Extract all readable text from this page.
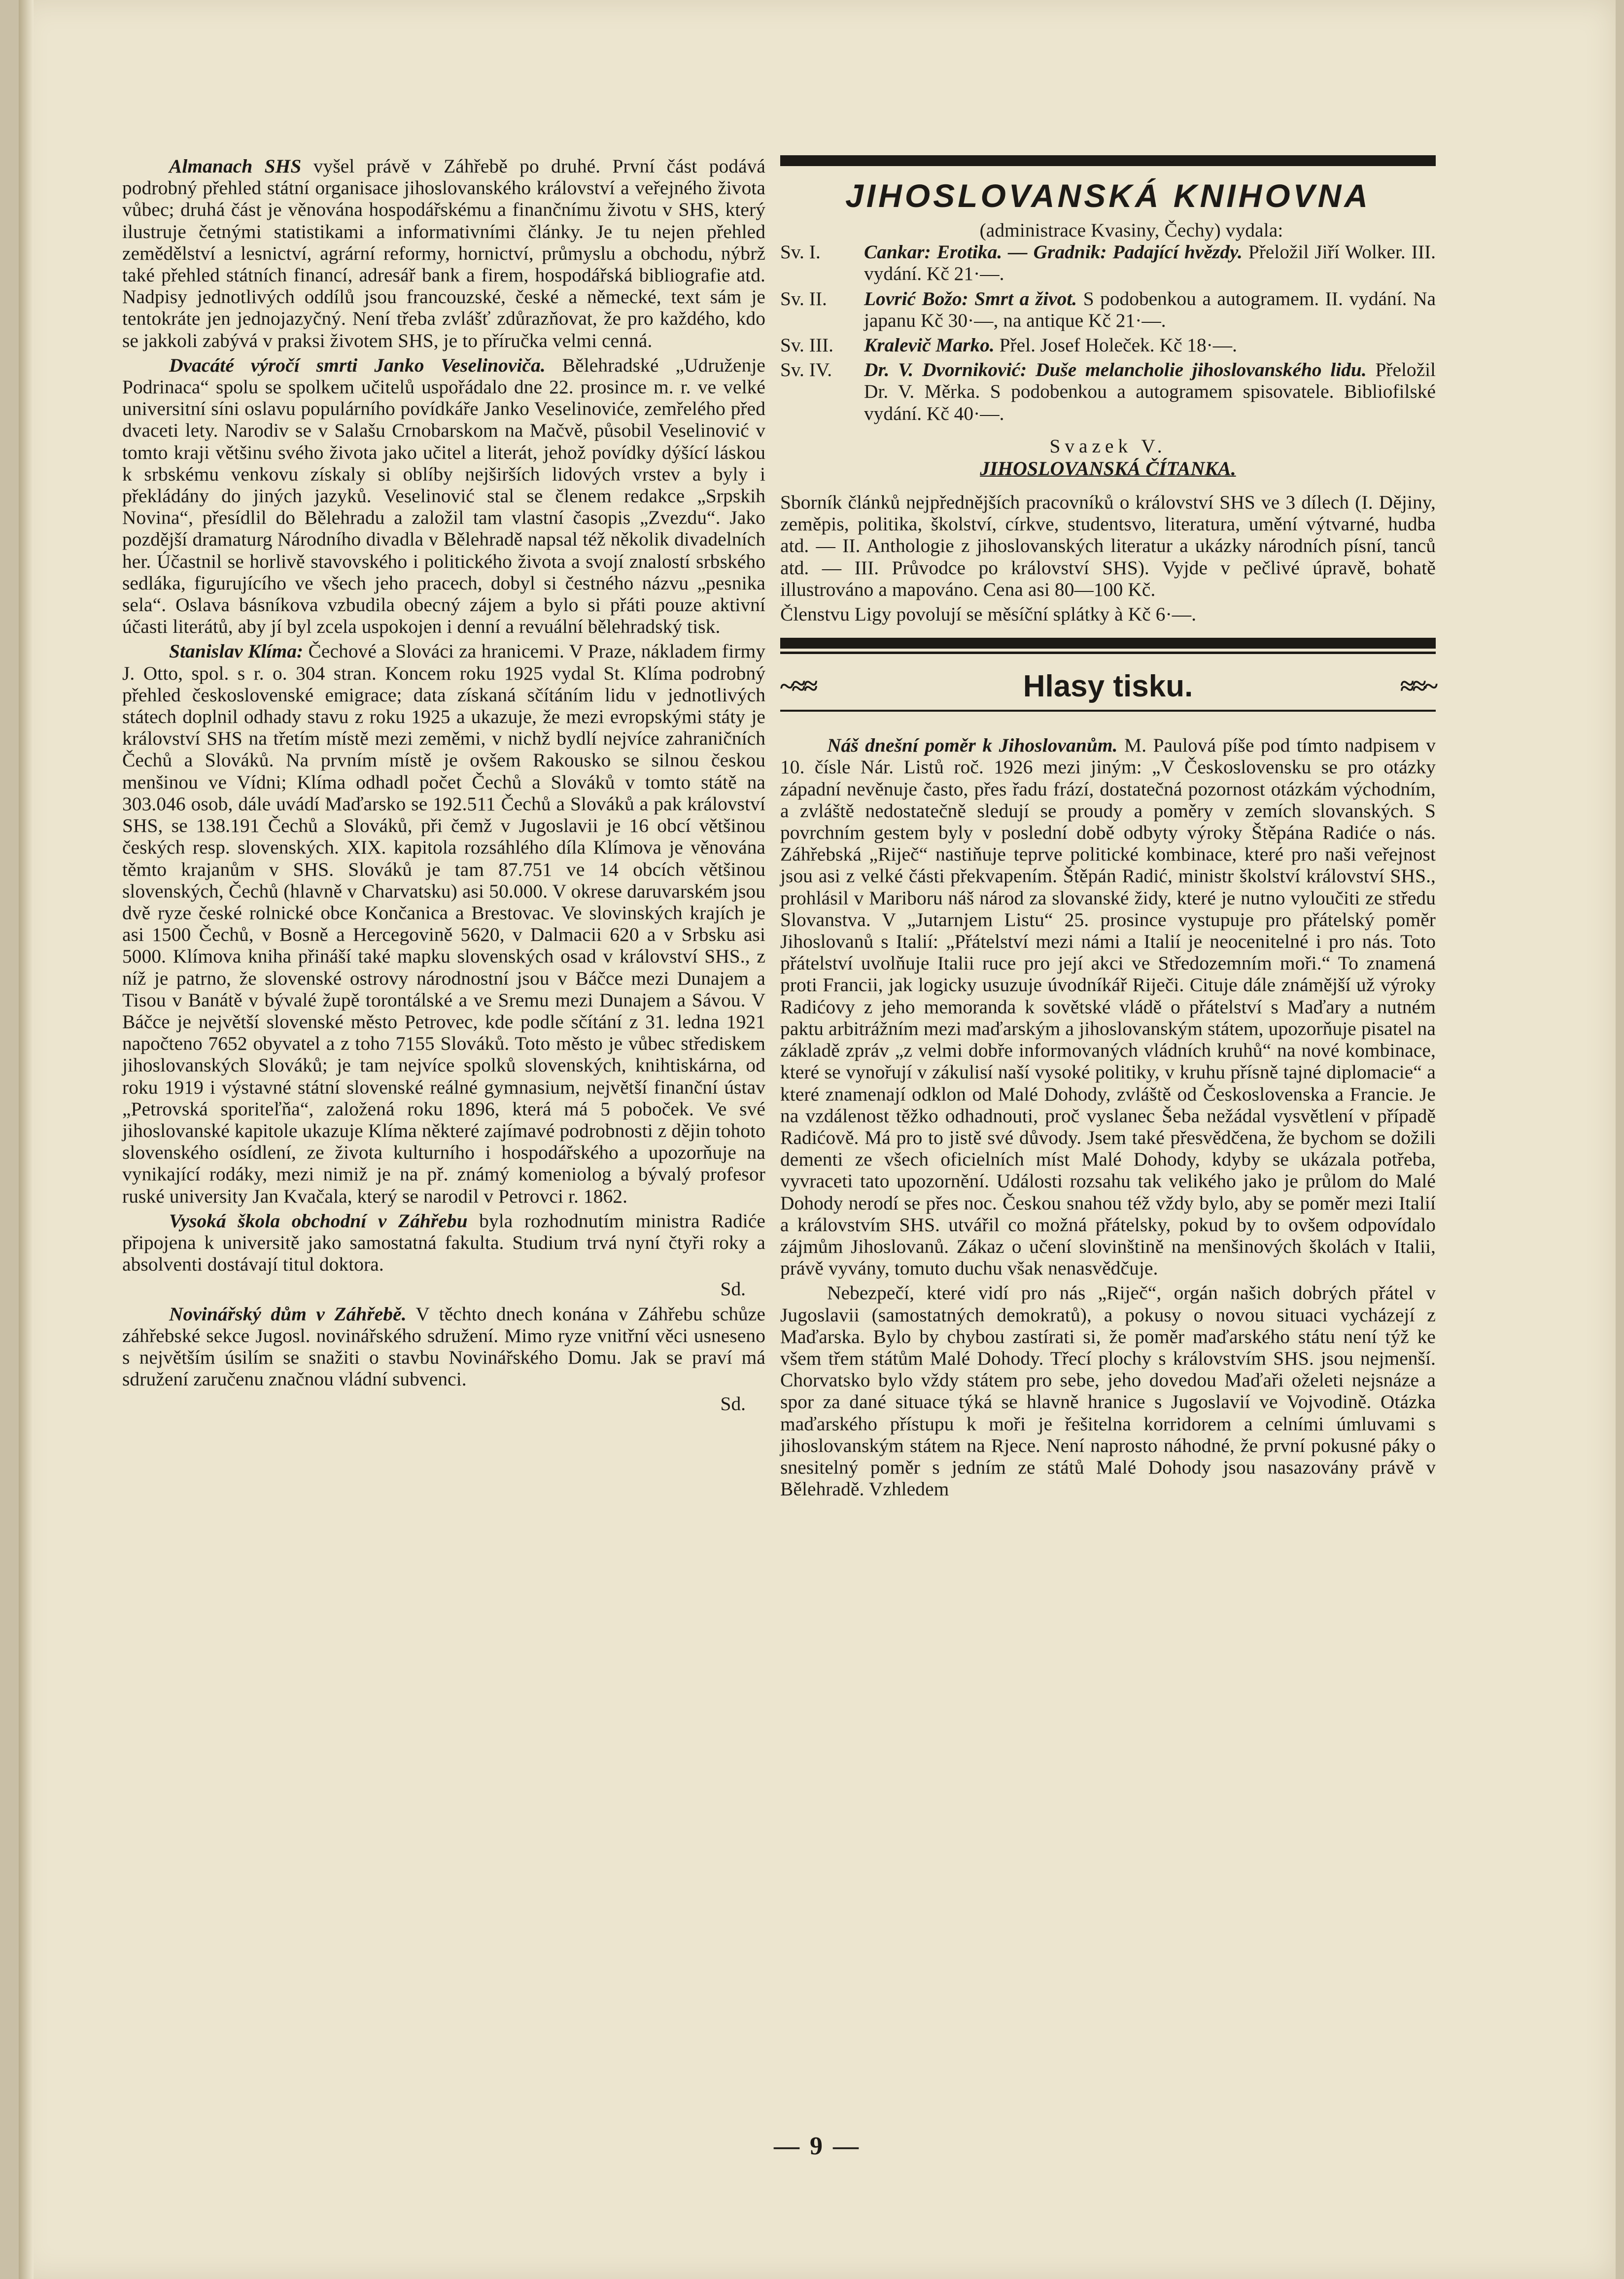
Almanach SHS vyšel právě v Záhřebě po druhé. První část podává podrobný přehled státní organisace jihoslovanského království a veřejného života vůbec; druhá část je věnována hospodářskému a finančnímu životu v SHS, který ilustruje četnými statistikami a informativními články. Je tu nejen přehled zemědělství a lesnictví, agrární reformy, hornictví, průmyslu a obchodu, nýbrž také přehled státních financí, adresář bank a firem, hospodářská bibliografie atd. Nadpisy jednotlivých oddílů jsou francouzské, české a německé, text sám je tentokráte jen jednojazyčný. Není třeba zvlášť zdůrazňovat, že pro každého, kdo se jakkoli zabývá v praksi životem SHS, je to příručka velmi cenná.

Dvacáté výročí smrti Janko Veselinoviča. Bělehradské „Udruženje Podrinaca“ spolu se spolkem učitelů uspořádalo dne 22. prosince m. r. ve velké universitní síni oslavu populárního povídkáře Janko Veselinoviće, zemřelého před dvaceti lety. Narodiv se v Salašu Crnobarskom na Mačvě, působil Veselinović v tomto kraji většinu svého života jako učitel a literát, jehož povídky dýšící láskou k srbskému venkovu získaly si oblíby nejširších lidových vrstev a byly i překládány do jiných jazyků. Veselinović stal se členem redakce „Srpskih Novina“, přesídlil do Bělehradu a založil tam vlastní časopis „Zvezdu“. Jako pozdější dramaturg Národního divadla v Bělehradě napsal též několik divadelních her. Účastnil se horlivě stavovského i politického života a svojí znalostí srbského sedláka, figurujícího ve všech jeho pracech, dobyl si čestného názvu „pesnika sela“. Oslava básníkova vzbudila obecný zájem a bylo si přáti pouze aktivní účasti literátů, aby jí byl zcela uspokojen i denní a revuální bělehradský tisk.

Stanislav Klíma: Čechové a Slováci za hranicemi. V Praze, nákladem firmy J. Otto, spol. s r. o. 304 stran. Koncem roku 1925 vydal St. Klíma podrobný přehled československé emigrace; data získaná sčítáním lidu v jednotlivých státech doplnil odhady stavu z roku 1925 a ukazuje, že mezi evropskými státy je království SHS na třetím místě mezi zeměmi, v nichž bydlí nejvíce zahraničních Čechů a Slováků. Na prvním místě je ovšem Rakousko se silnou českou menšinou ve Vídni; Klíma odhadl počet Čechů a Slováků v tomto státě na 303.046 osob, dále uvádí Maďarsko se 192.511 Čechů a Slováků a pak království SHS, se 138.191 Čechů a Slováků, při čemž v Jugoslavii je 16 obcí většinou českých resp. slovenských. XIX. kapitola rozsáhlého díla Klímova je věnována těmto krajanům v SHS. Slováků je tam 87.751 ve 14 obcích většinou slovenských, Čechů (hlavně v Charvatsku) asi 50.000. V okrese daruvarském jsou dvě ryze české rolnické obce Končanica a Brestovac. Ve slovinských krajích je asi 1500 Čechů, v Bosně a Hercegovině 5620, v Dalmacii 620 a v Srbsku asi 5000. Klímova kniha přináší také mapku slovenských osad v království SHS., z níž je patrno, že slovenské ostrovy národnostní jsou v Báčce mezi Dunajem a Tisou v Banátě v bývalé župě torontálské a ve Sremu mezi Dunajem a Sávou. V Báčce je největší slovenské město Petrovec, kde podle sčítání z 31. ledna 1921 napočteno 7652 obyvatel a z toho 7155 Slováků. Toto město je vůbec střediskem jihoslovanských Slováků; je tam nejvíce spolků slovenských, knihtiskárna, od roku 1919 i výstavné státní slovenské reálné gymnasium, největší finanční ústav „Petrovská sporiteľňa“, založená roku 1896, která má 5 poboček. Ve své jihoslovanské kapitole ukazuje Klíma některé zajímavé podrobnosti z dějin tohoto slovenského osídlení, ze života kulturního i hospodářského a upozorňuje na vynikající rodáky, mezi nimiž je na př. známý komeniolog a bývalý profesor ruské university Jan Kvačala, který se narodil v Petrovci r. 1862.

Vysoká škola obchodní v Záhřebu byla rozhodnutím ministra Radiće připojena k universitě jako samostatná fakulta. Studium trvá nyní čtyři roky a absolventi dostávají titul doktora.

Sd.

Novinářský dům v Záhřebě. V těchto dnech konána v Záhřebu schůze záhřebské sekce Jugosl. novinářského sdružení. Mimo ryze vnitřní věci usneseno s největším úsilím se snažiti o stavbu Novinářského Domu. Jak se praví má sdružení zaručenu značnou vládní subvenci.

Sd.
JIHOSLOVANSKÁ KNIHOVNA

(administrace Kvasiny, Čechy) vydala:

Sv. I.	Cankar: Erotika. — Gradnik: Padající hvězdy. Přeložil Jiří Wolker. III. vydání. Kč 21·—.
Sv. II.	Lovrić Božo: Smrt a život. S podobenkou a autogramem. II. vydání. Na japanu Kč 30·—, na antique Kč 21·—.
Sv. III.	Kralevič Marko. Přel. Josef Holeček. Kč 18·—.
Sv. IV.	Dr. V. Dvorniković: Duše melancholie jihoslovanského lidu. Přeložil Dr. V. Měrka. S podobenkou a autogramem spisovatele. Bibliofilské vydání. Kč 40·—.
Svazek V.
JIHOSLOVANSKÁ ČÍTANKA.

Sborník článků nejpřednějších pracovníků o království SHS ve 3 dílech (I. Dějiny, zeměpis, politika, školství, církve, studentsvo, literatura, umění výtvarné, hudba atd. — II. Anthologie z jihoslovanských literatur a ukázky národních písní, tanců atd. — III. Průvodce po království SHS). Vyjde v pečlivé úpravě, bohatě illustrováno a mapováno. Cena asi 80—100 Kč.

Členstvu Ligy povolují se měsíční splátky à Kč 6·—.

~≈≈	Hlasy tisku.	≈≈~

Náš dnešní poměr k Jihoslovanům. M. Paulová píše pod tímto nadpisem v 10. čísle Nár. Listů roč. 1926 mezi jiným: „V Československu se pro otázky západní nevěnuje často, přes řadu frází, dostatečná pozornost otázkám východním, a zvláště nedostatečně sledují se proudy a poměry v zemích slovanských. S povrchním gestem byly v poslední době odbyty výroky Štěpána Radiće o nás. Záhřebská „Riječ“ nastiňuje teprve politické kombinace, které pro naši veřejnost jsou asi z velké části překvapením. Štěpán Radić, ministr školství království SHS., prohlásil v Mariboru náš národ za slovanské židy, které je nutno vyloučiti ze středu Slovanstva. V „Jutarnjem Listu“ 25. prosince vystupuje pro přátelský poměr Jihoslovanů s Italií: „Přátelství mezi námi a Italií je neocenitelné i pro nás. Toto přátelství uvolňuje Italii ruce pro její akci ve Středozemním moři.“ To znamená proti Francii, jak logicky usuzuje úvodníkář Riječi. Cituje dále známější už výroky Radićovy z jeho memoranda k sovětské vládě o přátelství s Maďary a nutném paktu arbitrážním mezi maďarským a jihoslovanským státem, upozorňuje pisatel na základě zpráv „z velmi dobře informovaných vládních kruhů“ na nové kombinace, které se vynořují v zákulisí naší vysoké politiky, v kruhu přísně tajné diplomacie“ a které znamenají odklon od Malé Dohody, zvláště od Československa a Francie. Je na vzdálenost těžko odhadnouti, proč vyslanec Šeba nežádal vysvětlení v případě Radićově. Má pro to jistě své důvody. Jsem také přesvědčena, že bychom se dožili dementi ze všech oficielních míst Malé Dohody, kdyby se ukázala potřeba, vyvraceti tato upozornění. Události rozsahu tak velikého jako je průlom do Malé Dohody nerodí se přes noc. Českou snahou též vždy bylo, aby se poměr mezi Italií a královstvím SHS. utvářil co možná přátelsky, pokud by to ovšem odpovídalo zájmům Jihoslovanů. Zákaz o učení slovinštině na menšinových školách v Italii, právě vyvány, tomuto duchu však nenasvědčuje.

Nebezpečí, které vidí pro nás „Riječ“, orgán našich dobrých přátel v Jugoslavii (samostatných demokratů), a pokusy o novou situaci vycházejí z Maďarska. Bylo by chybou zastírati si, že poměr maďarského státu není týž ke všem třem státům Malé Dohody. Třecí plochy s královstvím SHS. jsou nejmenší. Chorvatsko bylo vždy státem pro sebe, jeho dovedou Maďaři oželeti nejsnáze a spor za dané situace týká se hlavně hranice s Jugoslavií ve Vojvodině. Otázka maďarského přístupu k moři je řešitelna korridorem a celními úmluvami s jihoslovanským státem na Rjece. Není naprosto náhodné, že první pokusné páky o snesitelný poměr s jedním ze států Malé Dohody jsou nasazovány právě v Bělehradě. Vzhledem

— 9 —
